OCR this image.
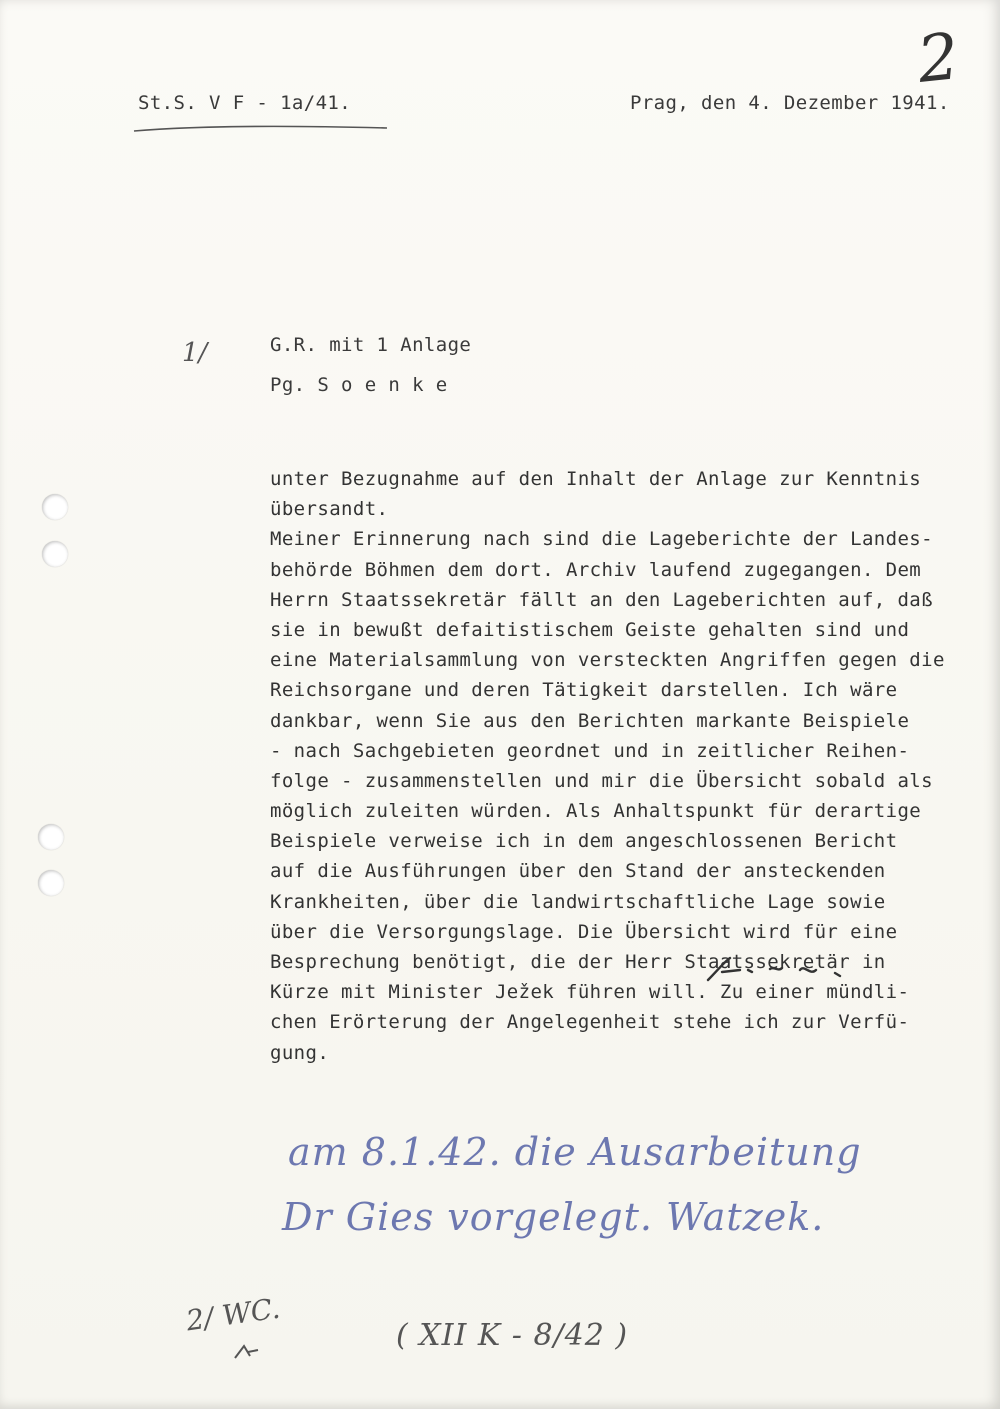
2
St.S. V F - 1a/41.	Prag, den 4. Dezember 1941.
1/	G.R. mit 1 Anlage
Pg. S o e n k e
unter Bezugnahme auf den Inhalt der Anlage zur Kenntnis
übersandt.
Meiner Erinnerung nach sind die Lageberichte der Landes-
behörde Böhmen dem dort. Archiv laufend zugegangen. Dem
Herrn Staatssekretär fällt an den Lageberichten auf, daß
sie in bewußt defaitistischem Geiste gehalten sind und
eine Materialsammlung von versteckten Angriffen gegen die
Reichsorgane und deren Tätigkeit darstellen. Ich wäre
dankbar, wenn Sie aus den Berichten markante Beispiele
- nach Sachgebieten geordnet und in zeitlicher Reihen-
folge - zusammenstellen und mir die Übersicht sobald als
möglich zuleiten würden. Als Anhaltspunkt für derartige
Beispiele verweise ich in dem angeschlossenen Bericht
auf die Ausführungen über den Stand der ansteckenden
Krankheiten, über die landwirtschaftliche Lage sowie
über die Versorgungslage. Die Übersicht wird für eine
Besprechung benötigt, die der Herr Staatssekretär in
Kürze mit Minister Ježek führen will. Zu einer mündli-
chen Erörterung der Angelegenheit stehe ich zur Verfü-
gung.
am 8.1.42. die Ausarbeitung
Dr Gies vorgelegt. Watzek.
2/ WC.	( XII K - 8/42 )
